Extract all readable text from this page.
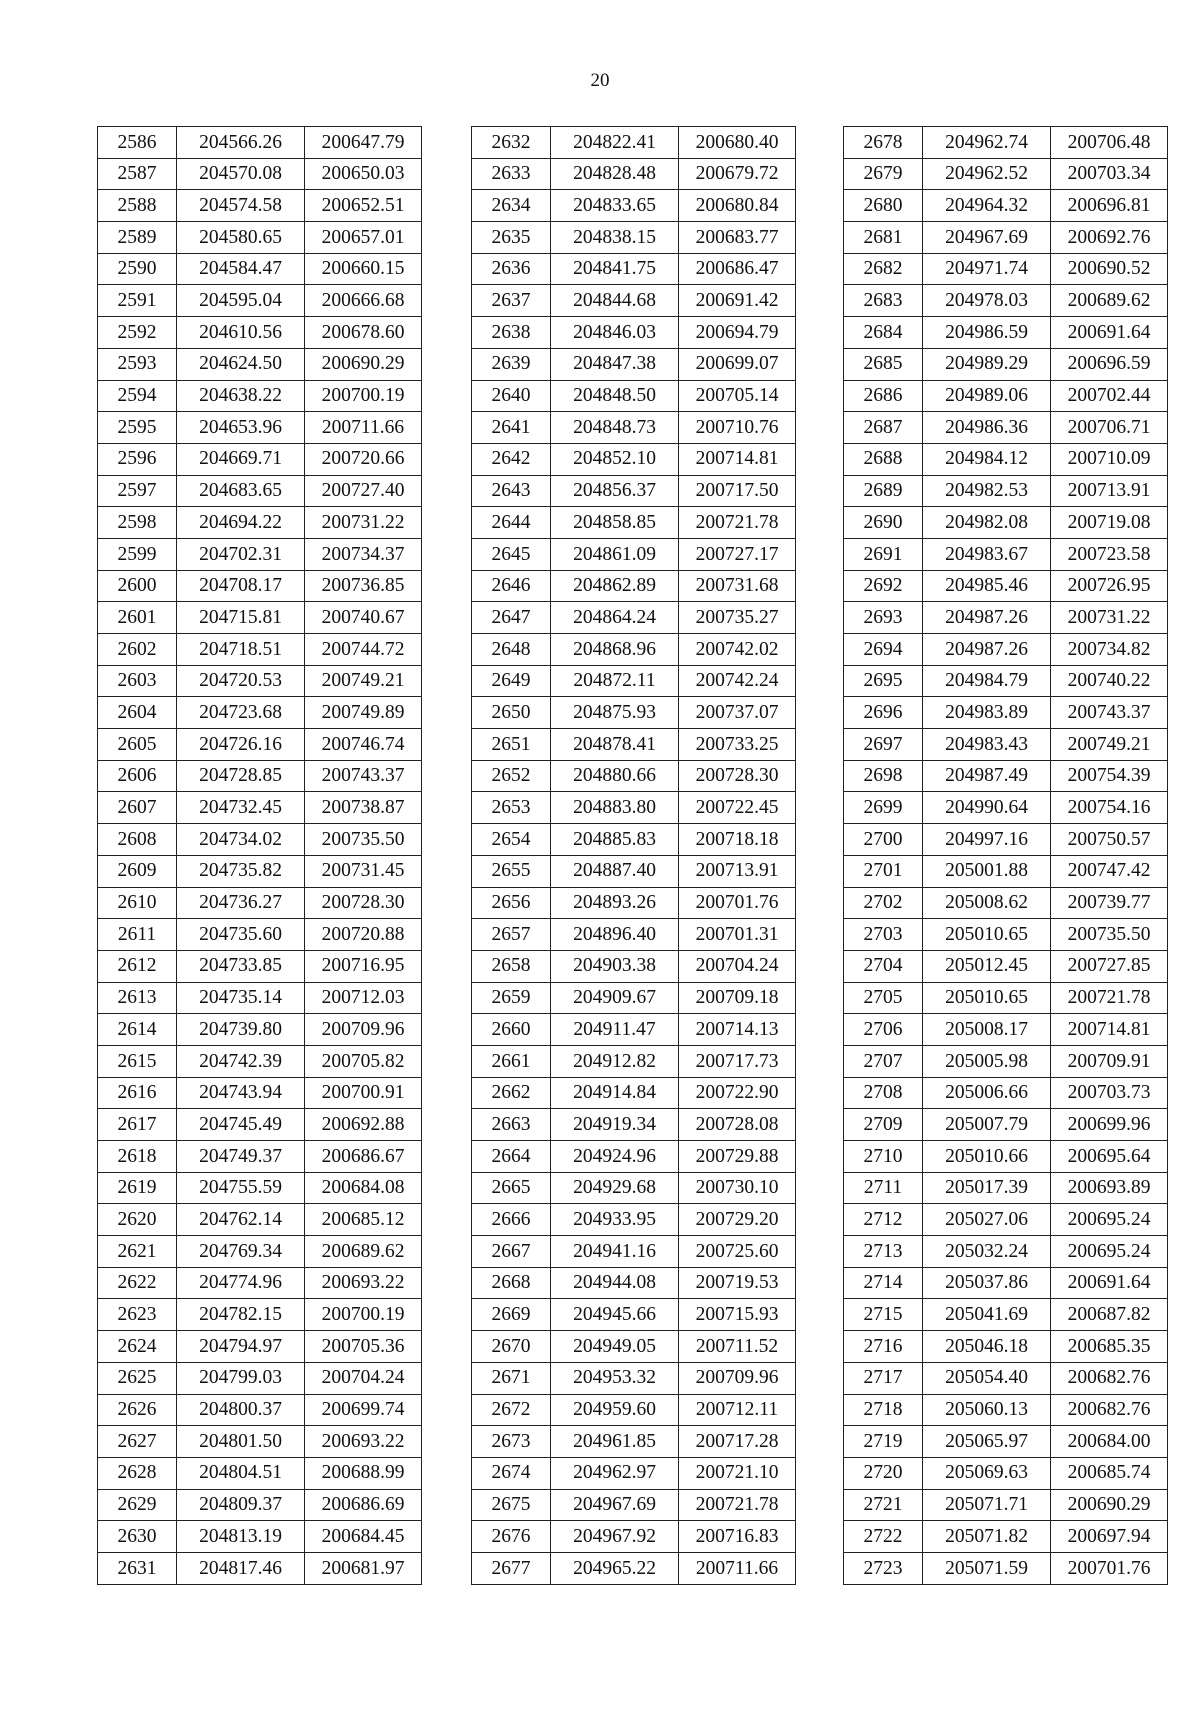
20
2586	204566.26	200647.79
2587	204570.08	200650.03
2588	204574.58	200652.51
2589	204580.65	200657.01
2590	204584.47	200660.15
2591	204595.04	200666.68
2592	204610.56	200678.60
2593	204624.50	200690.29
2594	204638.22	200700.19
2595	204653.96	200711.66
2596	204669.71	200720.66
2597	204683.65	200727.40
2598	204694.22	200731.22
2599	204702.31	200734.37
2600	204708.17	200736.85
2601	204715.81	200740.67
2602	204718.51	200744.72
2603	204720.53	200749.21
2604	204723.68	200749.89
2605	204726.16	200746.74
2606	204728.85	200743.37
2607	204732.45	200738.87
2608	204734.02	200735.50
2609	204735.82	200731.45
2610	204736.27	200728.30
2611	204735.60	200720.88
2612	204733.85	200716.95
2613	204735.14	200712.03
2614	204739.80	200709.96
2615	204742.39	200705.82
2616	204743.94	200700.91
2617	204745.49	200692.88
2618	204749.37	200686.67
2619	204755.59	200684.08
2620	204762.14	200685.12
2621	204769.34	200689.62
2622	204774.96	200693.22
2623	204782.15	200700.19
2624	204794.97	200705.36
2625	204799.03	200704.24
2626	204800.37	200699.74
2627	204801.50	200693.22
2628	204804.51	200688.99
2629	204809.37	200686.69
2630	204813.19	200684.45
2631	204817.46	200681.97
2632	204822.41	200680.40
2633	204828.48	200679.72
2634	204833.65	200680.84
2635	204838.15	200683.77
2636	204841.75	200686.47
2637	204844.68	200691.42
2638	204846.03	200694.79
2639	204847.38	200699.07
2640	204848.50	200705.14
2641	204848.73	200710.76
2642	204852.10	200714.81
2643	204856.37	200717.50
2644	204858.85	200721.78
2645	204861.09	200727.17
2646	204862.89	200731.68
2647	204864.24	200735.27
2648	204868.96	200742.02
2649	204872.11	200742.24
2650	204875.93	200737.07
2651	204878.41	200733.25
2652	204880.66	200728.30
2653	204883.80	200722.45
2654	204885.83	200718.18
2655	204887.40	200713.91
2656	204893.26	200701.76
2657	204896.40	200701.31
2658	204903.38	200704.24
2659	204909.67	200709.18
2660	204911.47	200714.13
2661	204912.82	200717.73
2662	204914.84	200722.90
2663	204919.34	200728.08
2664	204924.96	200729.88
2665	204929.68	200730.10
2666	204933.95	200729.20
2667	204941.16	200725.60
2668	204944.08	200719.53
2669	204945.66	200715.93
2670	204949.05	200711.52
2671	204953.32	200709.96
2672	204959.60	200712.11
2673	204961.85	200717.28
2674	204962.97	200721.10
2675	204967.69	200721.78
2676	204967.92	200716.83
2677	204965.22	200711.66
2678	204962.74	200706.48
2679	204962.52	200703.34
2680	204964.32	200696.81
2681	204967.69	200692.76
2682	204971.74	200690.52
2683	204978.03	200689.62
2684	204986.59	200691.64
2685	204989.29	200696.59
2686	204989.06	200702.44
2687	204986.36	200706.71
2688	204984.12	200710.09
2689	204982.53	200713.91
2690	204982.08	200719.08
2691	204983.67	200723.58
2692	204985.46	200726.95
2693	204987.26	200731.22
2694	204987.26	200734.82
2695	204984.79	200740.22
2696	204983.89	200743.37
2697	204983.43	200749.21
2698	204987.49	200754.39
2699	204990.64	200754.16
2700	204997.16	200750.57
2701	205001.88	200747.42
2702	205008.62	200739.77
2703	205010.65	200735.50
2704	205012.45	200727.85
2705	205010.65	200721.78
2706	205008.17	200714.81
2707	205005.98	200709.91
2708	205006.66	200703.73
2709	205007.79	200699.96
2710	205010.66	200695.64
2711	205017.39	200693.89
2712	205027.06	200695.24
2713	205032.24	200695.24
2714	205037.86	200691.64
2715	205041.69	200687.82
2716	205046.18	200685.35
2717	205054.40	200682.76
2718	205060.13	200682.76
2719	205065.97	200684.00
2720	205069.63	200685.74
2721	205071.71	200690.29
2722	205071.82	200697.94
2723	205071.59	200701.76
